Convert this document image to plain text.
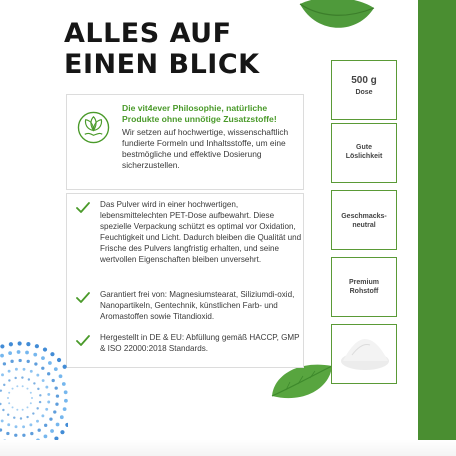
ALLES AUF
EINEN BLICK
Die vit4ever Philosophie, natürliche Produkte ohne unnötige Zusatzstoffe!
Wir setzen auf hochwertige, wissenschaftlich fundierte Formeln und Inhaltsstoffe, um eine bestmögliche und effektive Dosierung sicherzustellen.
Das Pulver wird in einer hochwertigen, lebensmittelechten PET-Dose aufbewahrt. Diese spezielle Verpackung schützt es optimal vor Oxidation, Feuchtigkeit und Licht. Dadurch bleiben die Qualität und Frische des Pulvers langfristig erhalten, und seine wertvollen Eigenschaften bleiben unversehrt.
Garantiert frei von: Magnesiumstearat, Siliziumdi-oxid, Nanopartikeln, Gentechnik, künstlichen Farb- und Aromastoffen sowie Titandioxid.
Hergestellt in DE & EU: Abfüllung gemäß HACCP, GMP & ISO 22000:2018 Standards.
500 g
Dose
Gute
Löslichkeit
Geschmacks-
neutral
Premium
Rohstoff
